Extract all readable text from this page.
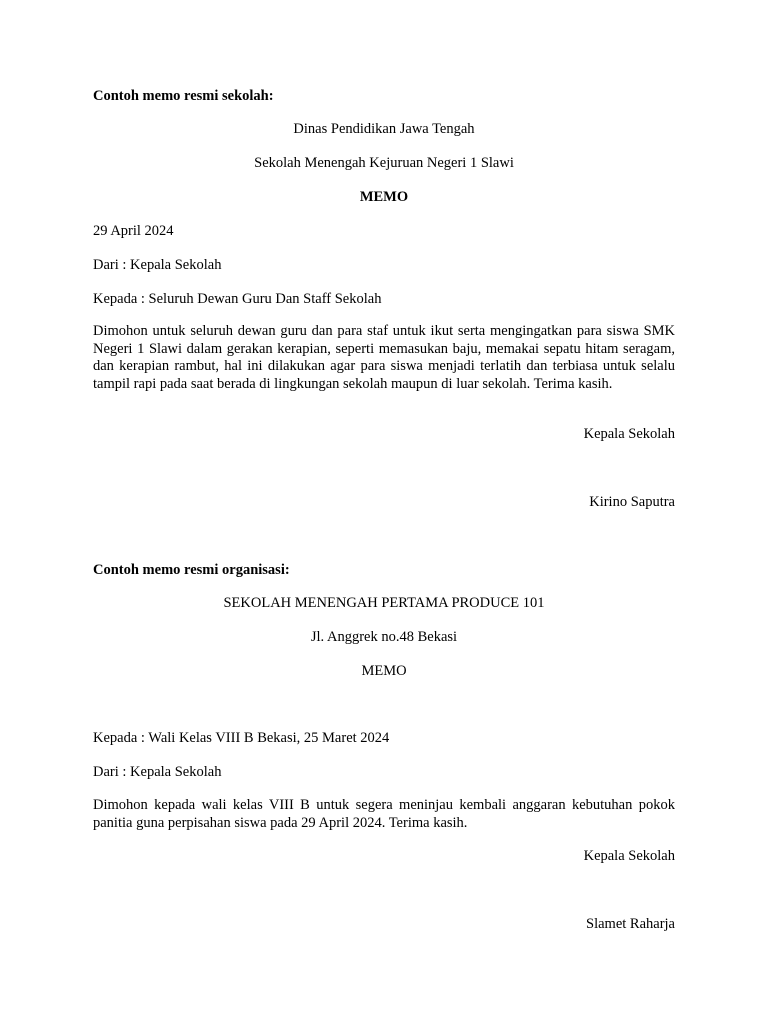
Contoh memo resmi sekolah:
Dinas Pendidikan Jawa Tengah
Sekolah Menengah Kejuruan Negeri 1 Slawi
MEMO
29 April 2024
Dari : Kepala Sekolah
Kepada : Seluruh Dewan Guru Dan Staff Sekolah
Dimohon untuk seluruh dewan guru dan para staf untuk ikut serta mengingatkan para siswa SMK Negeri 1 Slawi dalam gerakan kerapian, seperti memasukan baju, memakai sepatu hitam seragam, dan kerapian rambut, hal ini dilakukan agar para siswa menjadi terlatih dan terbiasa untuk selalu tampil rapi pada saat berada di lingkungan sekolah maupun di luar sekolah. Terima kasih.
Kepala Sekolah
Kirino Saputra
Contoh memo resmi organisasi:
SEKOLAH MENENGAH PERTAMA PRODUCE 101
Jl. Anggrek no.48 Bekasi
MEMO
Kepada : Wali Kelas VIII B Bekasi, 25 Maret 2024
Dari : Kepala Sekolah
Dimohon kepada wali kelas VIII B untuk segera meninjau kembali anggaran kebutuhan pokok panitia guna perpisahan siswa pada 29 April 2024. Terima kasih.
Kepala Sekolah
Slamet Raharja
